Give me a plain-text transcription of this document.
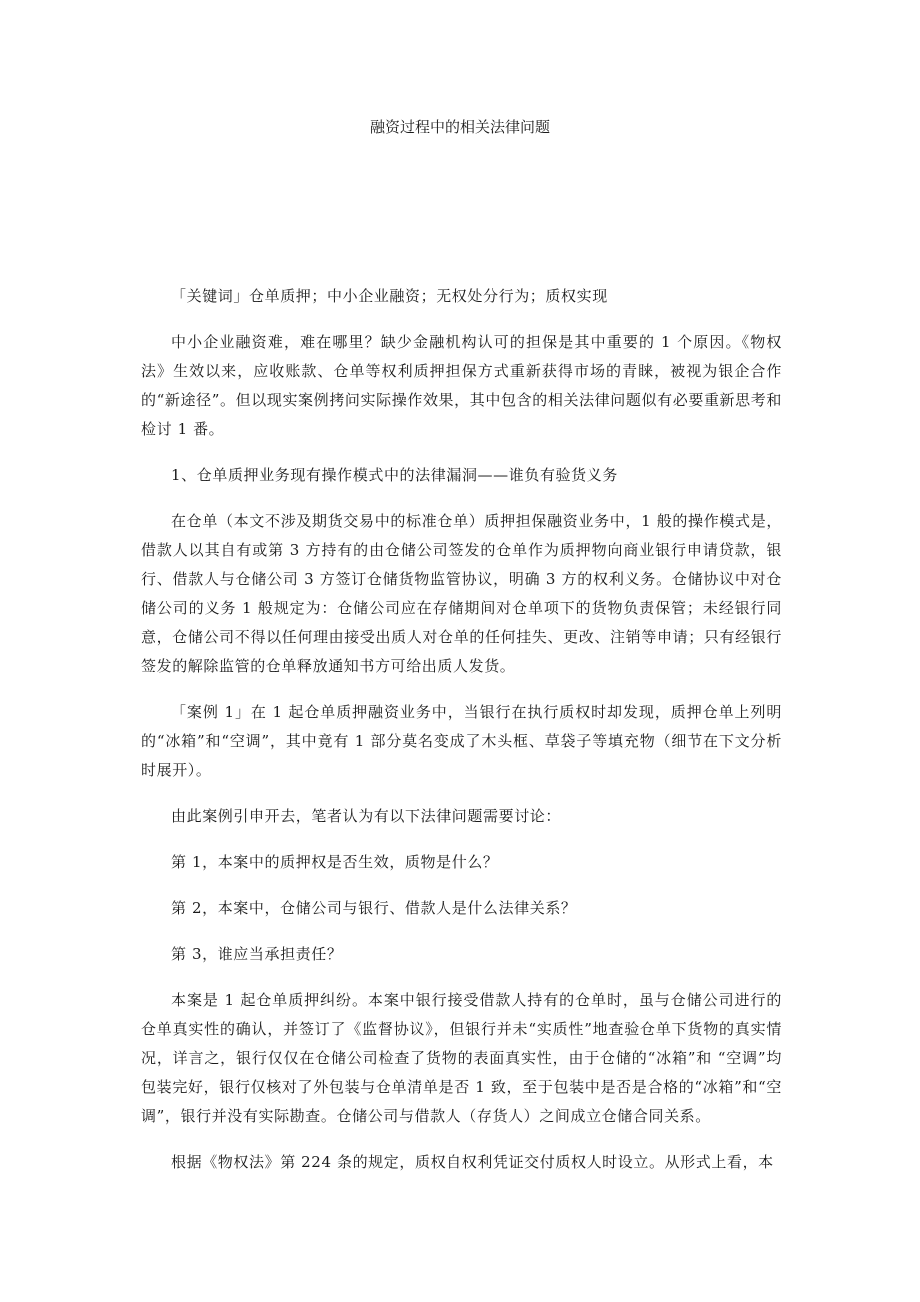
融资过程中的相关法律问题

「关键词」仓单质押；中小企业融资；无权处分行为；质权实现

中小企业融资难，难在哪里？缺少金融机构认可的担保是其中重要的 1 个原因。《物权法》生效以来，应收账款、仓单等权利质押担保方式重新获得市场的青睐，被视为银企合作的“新途径”。但以现实案例拷问实际操作效果，其中包含的相关法律问题似有必要重新思考和检讨 1 番。

1、仓单质押业务现有操作模式中的法律漏洞——谁负有验货义务

在仓单（本文不涉及期货交易中的标准仓单）质押担保融资业务中，1 般的操作模式是，借款人以其自有或第 3 方持有的由仓储公司签发的仓单作为质押物向商业银行申请贷款，银行、借款人与仓储公司 3 方签订仓储货物监管协议，明确 3 方的权利义务。仓储协议中对仓储公司的义务 1 般规定为：仓储公司应在存储期间对仓单项下的货物负责保管；未经银行同意，仓储公司不得以任何理由接受出质人对仓单的任何挂失、更改、注销等申请；只有经银行签发的解除监管的仓单释放通知书方可给出质人发货。

「案例 1」在 1 起仓单质押融资业务中，当银行在执行质权时却发现，质押仓单上列明的“冰箱”和“空调”，其中竟有 1 部分莫名变成了木头框、草袋子等填充物（细节在下文分析时展开）。

由此案例引申开去，笔者认为有以下法律问题需要讨论：

第 1，本案中的质押权是否生效，质物是什么？

第 2，本案中，仓储公司与银行、借款人是什么法律关系？

第 3，谁应当承担责任？

本案是 1 起仓单质押纠纷。本案中银行接受借款人持有的仓单时，虽与仓储公司进行的仓单真实性的确认，并签订了《监督协议》，但银行并未“实质性”地查验仓单下货物的真实情况，详言之，银行仅仅在仓储公司检查了货物的表面真实性，由于仓储的“冰箱”和 “空调”均包装完好，银行仅核对了外包装与仓单清单是否 1 致，至于包装中是否是合格的“冰箱”和“空调”，银行并没有实际勘查。仓储公司与借款人（存货人）之间成立仓储合同关系。

根据《物权法》第 224 条的规定，质权自权利凭证交付质权人时设立。从形式上看，本
